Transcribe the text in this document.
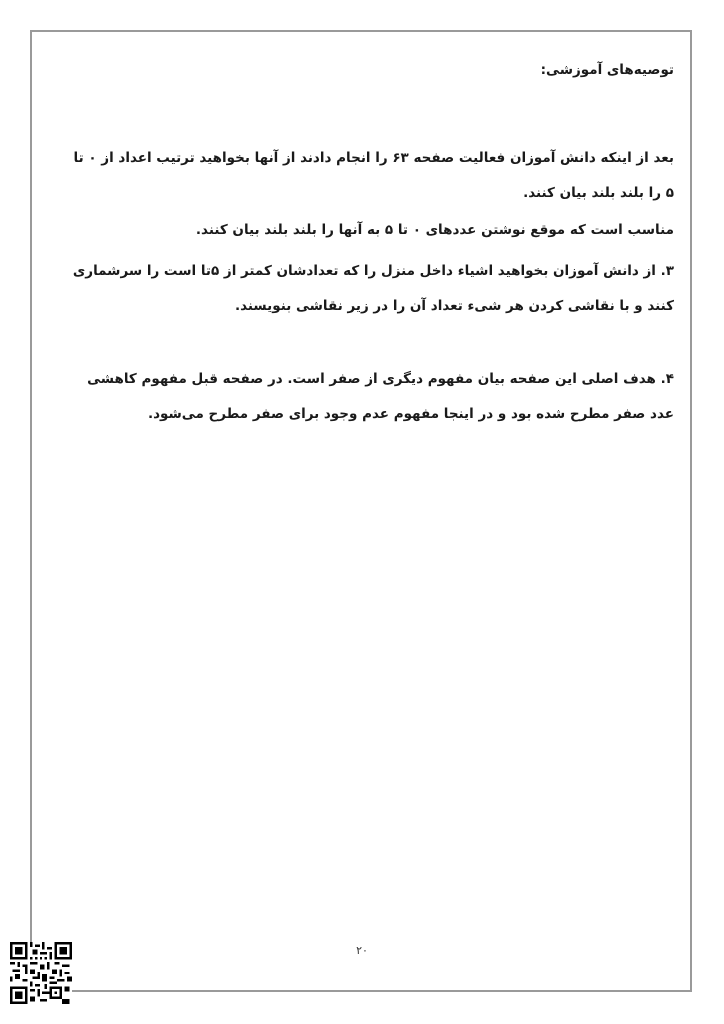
توصیه‌های آموزشی:

بعد از اینکه دانش آموزان فعالیت صفحه ۶۳ را انجام دادند از آنها بخواهید ترتیب اعداد از ۰ تا ۵ را بلند بلند بیان کنند.

مناسب است که موقع نوشتن عددهای ۰ تا ۵ به آنها را بلند بلند بیان کنند.

۳. از دانش آموزان بخواهید اشیاء داخل منزل را که تعدادشان کمتر از ۵تا است را سرشماری کنند و با نقاشی کردن هر شیء تعداد آن را در زیر نقاشی بنویسند.

۴. هدف اصلی این صفحه بیان مفهوم دیگری از صفر است. در صفحه قبل مفهوم کاهشی عدد صفر مطرح شده بود و در اینجا مفهوم عدم وجود برای صفر مطرح می‌شود.

۲۰
